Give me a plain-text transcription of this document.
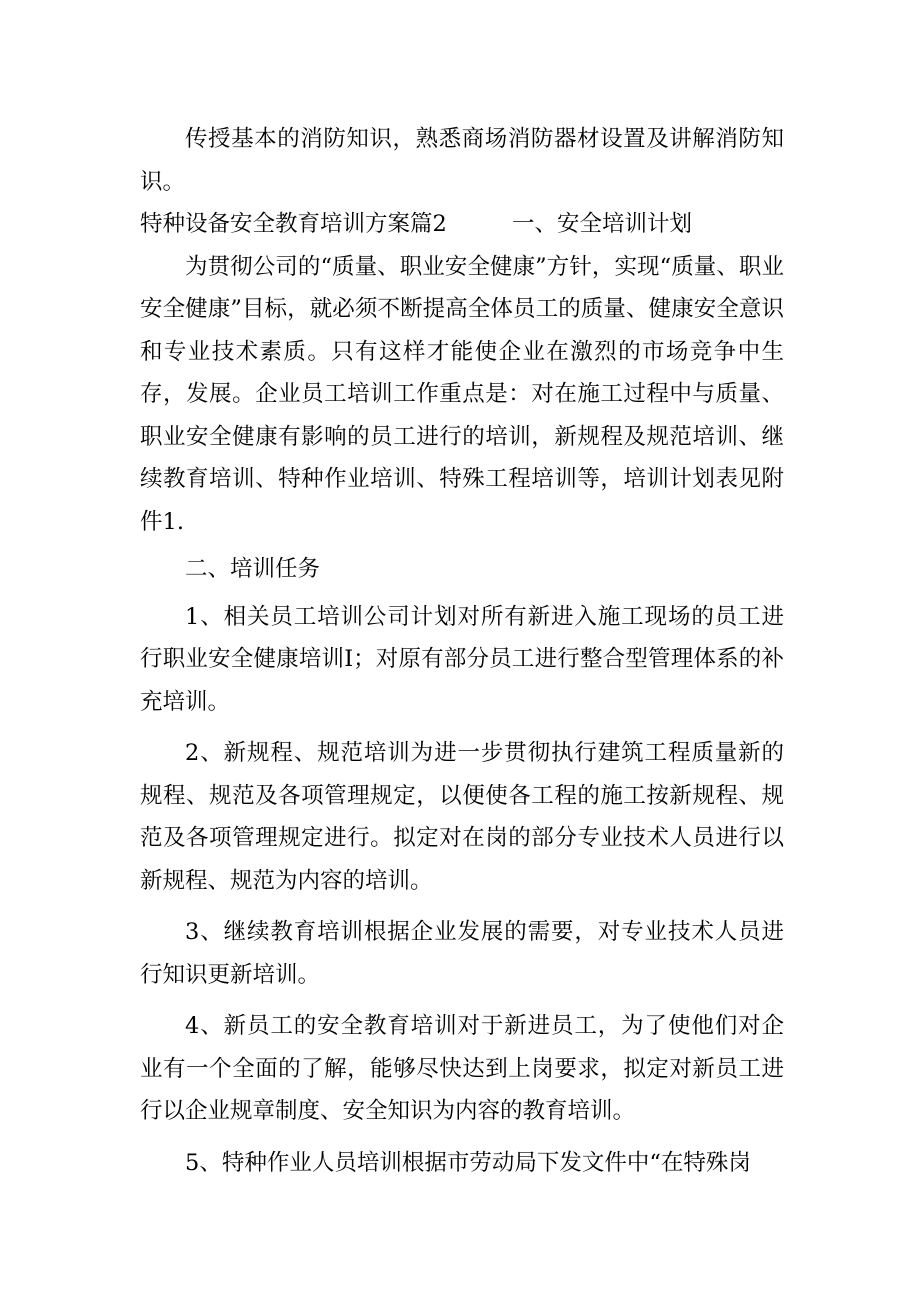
传授基本的消防知识，熟悉商场消防器材设置及讲解消防知识。

特种设备安全教育培训方案篇2	一、安全培训计划

为贯彻公司的“质量、职业安全健康”方针，实现“质量、职业安全健康”目标，就必须不断提高全体员工的质量、健康安全意识和专业技术素质。只有这样才能使企业在激烈的市场竞争中生存，发展。企业员工培训工作重点是：对在施工过程中与质量、职业安全健康有影响的员工进行的培训，新规程及规范培训、继续教育培训、特种作业培训、特殊工程培训等，培训计划表见附件1.

二、培训任务

1、相关员工培训公司计划对所有新进入施工现场的员工进行职业安全健康培训I；对原有部分员工进行整合型管理体系的补充培训。

2、新规程、规范培训为进一步贯彻执行建筑工程质量新的规程、规范及各项管理规定，以便使各工程的施工按新规程、规范及各项管理规定进行。拟定对在岗的部分专业技术人员进行以新规程、规范为内容的培训。

3、继续教育培训根据企业发展的需要，对专业技术人员进行知识更新培训。

4、新员工的安全教育培训对于新进员工，为了使他们对企业有一个全面的了解，能够尽快达到上岗要求，拟定对新员工进行以企业规章制度、安全知识为内容的教育培训。

5、特种作业人员培训根据市劳动局下发文件中“在特殊岗
